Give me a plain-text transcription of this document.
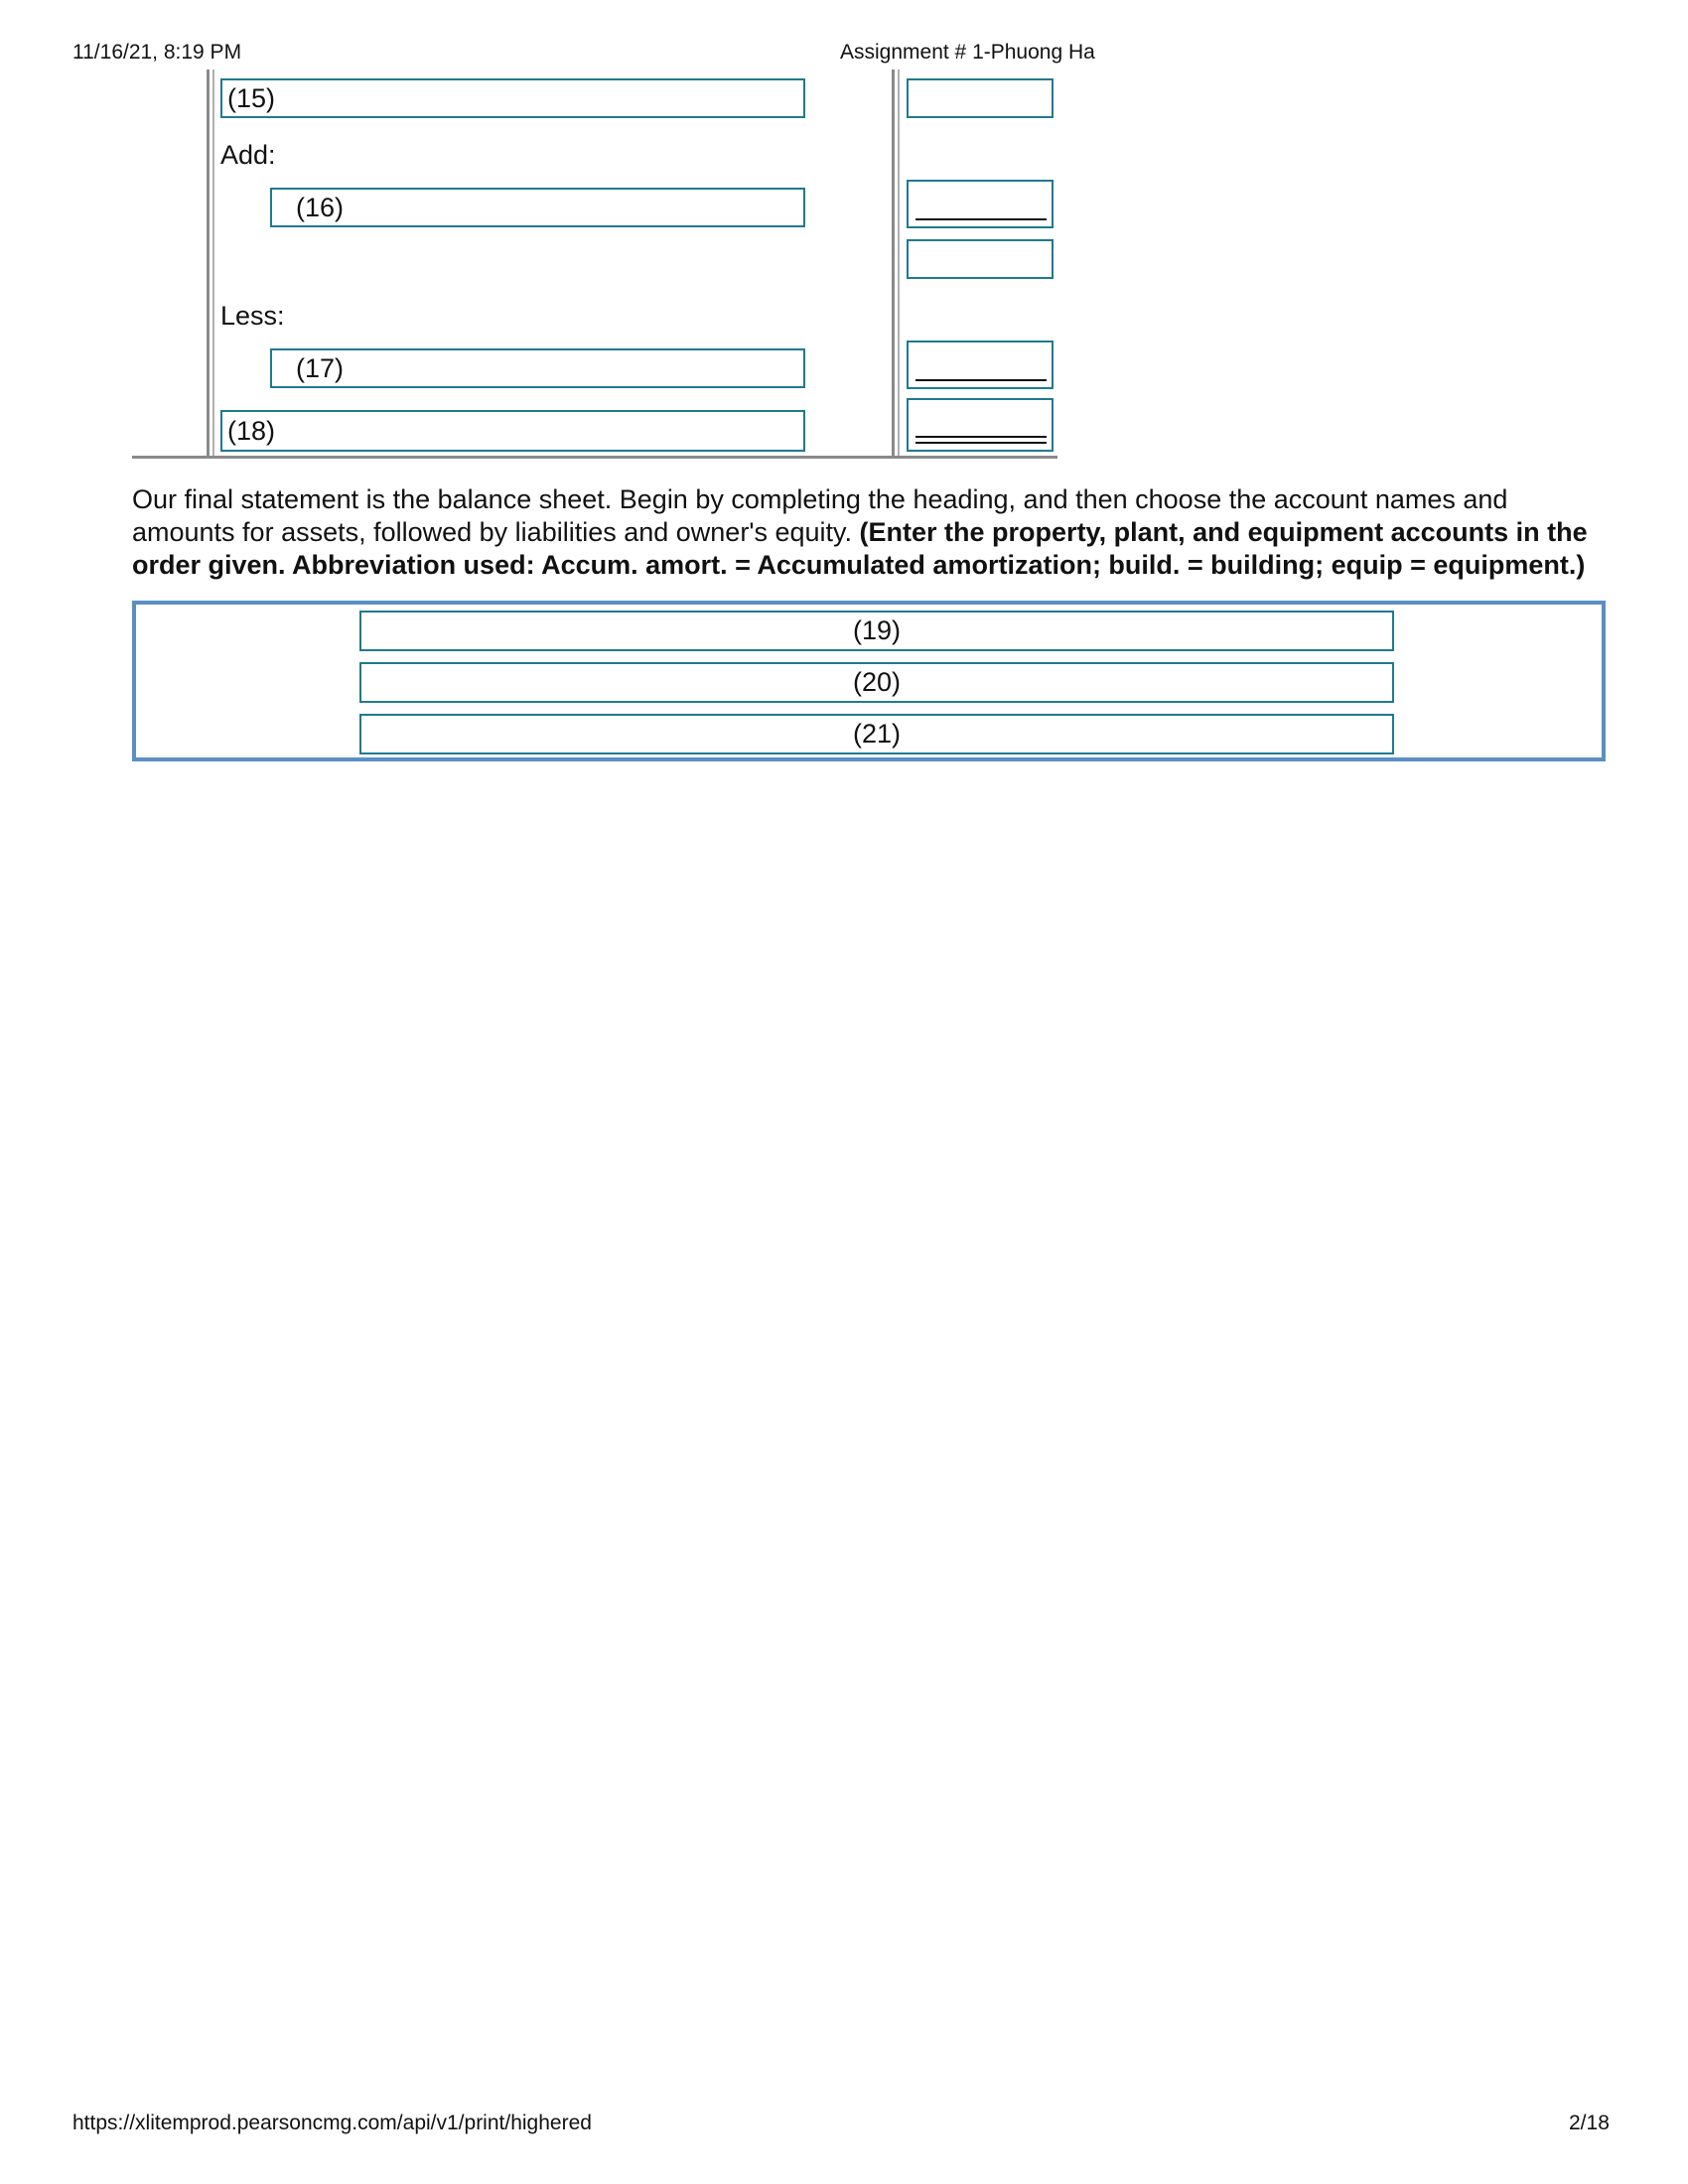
11/16/21, 8:19 PM	Assignment # 1-Phuong Ha
(15)
Add:
(16)
Less:
(17)
(18)
Our final statement is the balance sheet. Begin by completing the heading, and then choose the account names and amounts for assets, followed by liabilities and owner's equity. (Enter the property, plant, and equipment accounts in the order given. Abbreviation used: Accum. amort. = Accumulated amortization; build. = building; equip = equipment.)
(19)
(20)
(21)
https://xlitemprod.pearsoncmg.com/api/v1/print/highered	2/18
